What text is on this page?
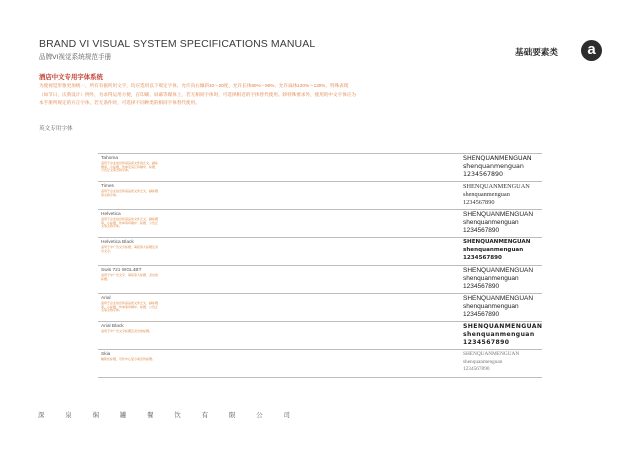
BRAND VI VISUAL SYSTEM SPECIFICATIONS MANUAL
品牌VI视觉系统规范手册
基础要素类	a
酒店中文专用字体系统
为使视觉形象更加统一，所有有据所用文字，均应选用以下规定字体，允许向右倾斜10～20度，允许长体80%～90%，允许扁体120%～130%，特殊表现（如节日、庆典设计）例外，为求得运用方便，在印刷、屏幕等媒体上，若无相同字体时，可选择相近的字体替代使用。除特殊要求外，使用的中文字体应为本手册所规定的方正字体，若无条件时，可选择不同种类的相同字体替代使用。
英文专用字体
Tahoma
适用于企业信息和高品质文件的正文、副标题等，小标题、传单及其它印刷中、标题、公告正文等全称字体。
SHENQUANMENGUAN
shenquanmenguan
1234567890
Times
适用于企业信息和高品质文件正文、副标题等全称字体。
SHENQUANMENGUAN
shenquanmenguan
1234567890
Helvetica
适用于企业信息和高品质文件正文、副标题等，小标题、传单等印刷中、标题、公告正文等全称字体。
SHENQUANMENGUAN
shenquanmenguan
1234567890
Helvetica Black
适用于中广告文字标题、海报等大标题及突出文字。
SHENQUANMENGUAN
shenquanmenguan
1234567890
Swis 721 WGL4BT
适用于中广告文字、海报等大标题、突出的标题。
SHENQUANMENGUAN
shenquanmenguan
1234567890
Arial
适用于企业信息和高品质文件正文、副标题等，小标题、传单等印刷中、标题、公告正文等全称字体。
SHENQUANMENGUAN
shenquanmenguan
1234567890
Arial Black
适用于中广告文字标题及突出的标题。
SHENQUANMENGUAN
shenquanmenguan
1234567890
Skia
辅助性标题，可作中心显示或宣传标题。
SHENQUANMENGUAN
shenquanmenguan
1234567890
深	泉	焖	罐	餐	饮	有	限	公	司
